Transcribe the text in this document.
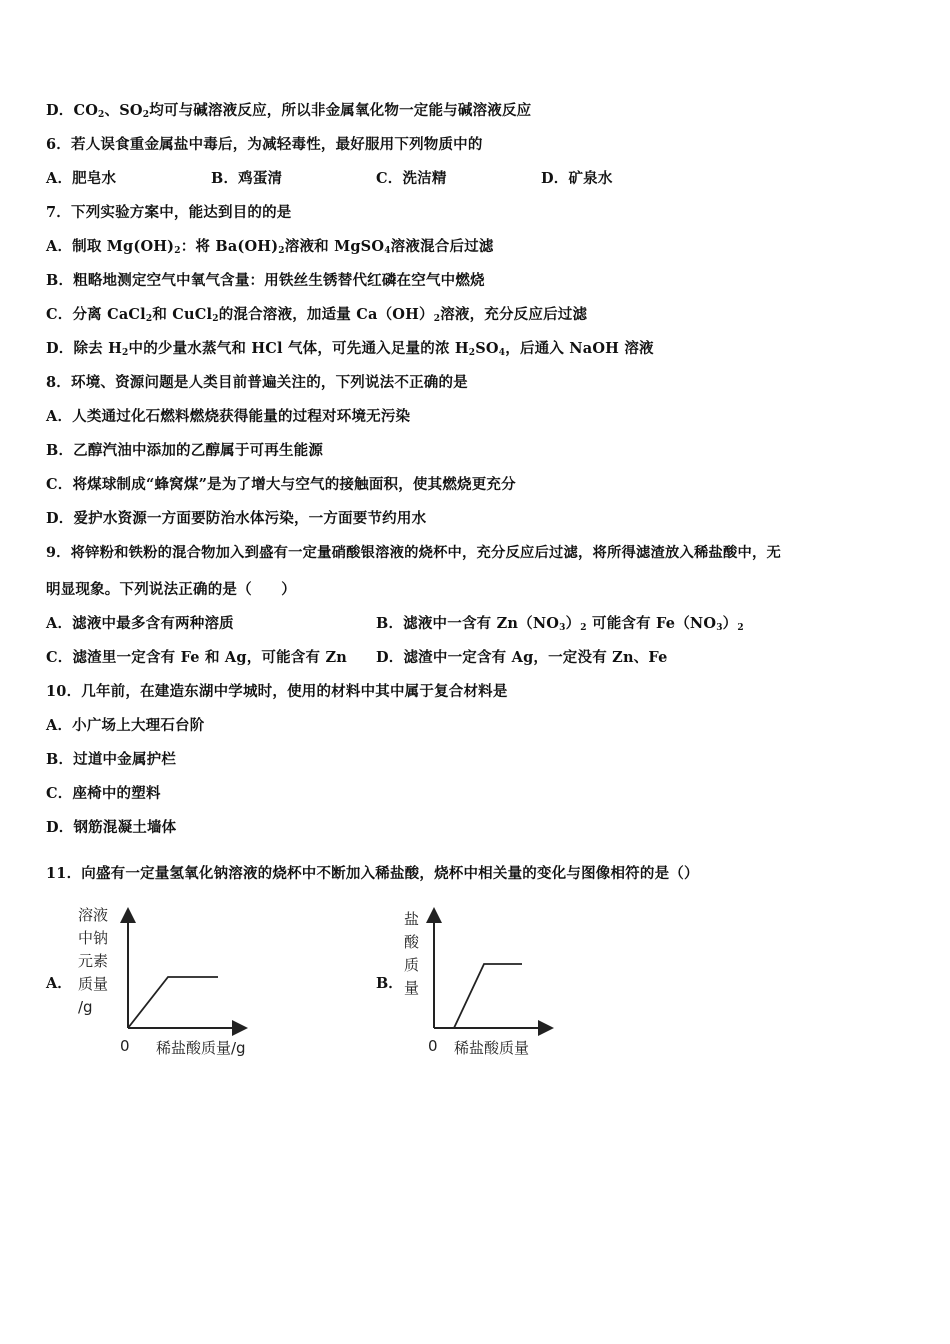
D．$CO_2$、$SO_2$均可与碱溶液反应，所以非金属氧化物一定能与碱溶液反应
6．若人误食重金属盐中毒后，为减轻毒性，最好服用下列物质中的
A．肥皂水	B．鸡蛋清	C．洗洁精	D．矿泉水
7．下列实验方案中，能达到目的的是
A．制取 $Mg(OH)_2$：将 $Ba(OH)_2$溶液和 MgSO$_4$溶液混合后过滤
B．粗略地测定空气中氧气含量：用铁丝生锈替代红磷在空气中燃烧
C．分离 CaCl$_2$和 CuCl$_2$的混合溶液，加适量 $Ca(OH)_2$溶液，充分反应后过滤
D．除去 $H_2$中的少量水蒸气和 HCl 气体，可先通入足量的浓 $H_2SO_4$，后通入 NaOH 溶液
8．环境、资源问题是人类目前普遍关注的，下列说法不正确的是
A．人类通过化石燃料燃烧获得能量的过程对环境无污染
B．乙醇汽油中添加的乙醇属于可再生能源
C．将煤球制成“蜂窝煤”是为了增大与空气的接触面积，使其燃烧更充分
D．爱护水资源一方面要防治水体污染，一方面要节约用水
9．将锌粉和铁粉的混合物加入到盛有一定量硝酸银溶液的烧杯中，充分反应后过滤，将所得滤渣放入稀盐酸中，无
明显现象。下列说法正确的是（　　）
A．滤液中最多含有两种溶质	B．滤液中一含有 $Zn(NO_3)_2$ 可能含有 $Fe(NO_3)_2$
C．滤渣里一定含有 Fe 和 Ag，可能含有 Zn D．滤渣中一定含有 Ag，一定没有 Zn、Fe
10．几年前，在建造东湖中学城时，使用的材料中其中属于复合材料是
A．小广场上大理石台阶
B．过道中金属护栏
C．座椅中的塑料
D．钢筋混凝土墙体
11．向盛有一定量氢氧化钠溶液的烧杯中不断加入稀盐酸，烧杯中相关量的变化与图像相符的是（）
A．
溶液
中钠
元素
质量
/g
0 稀盐酸质量/g
B．
盐
酸
质
量
0 稀盐酸质量
